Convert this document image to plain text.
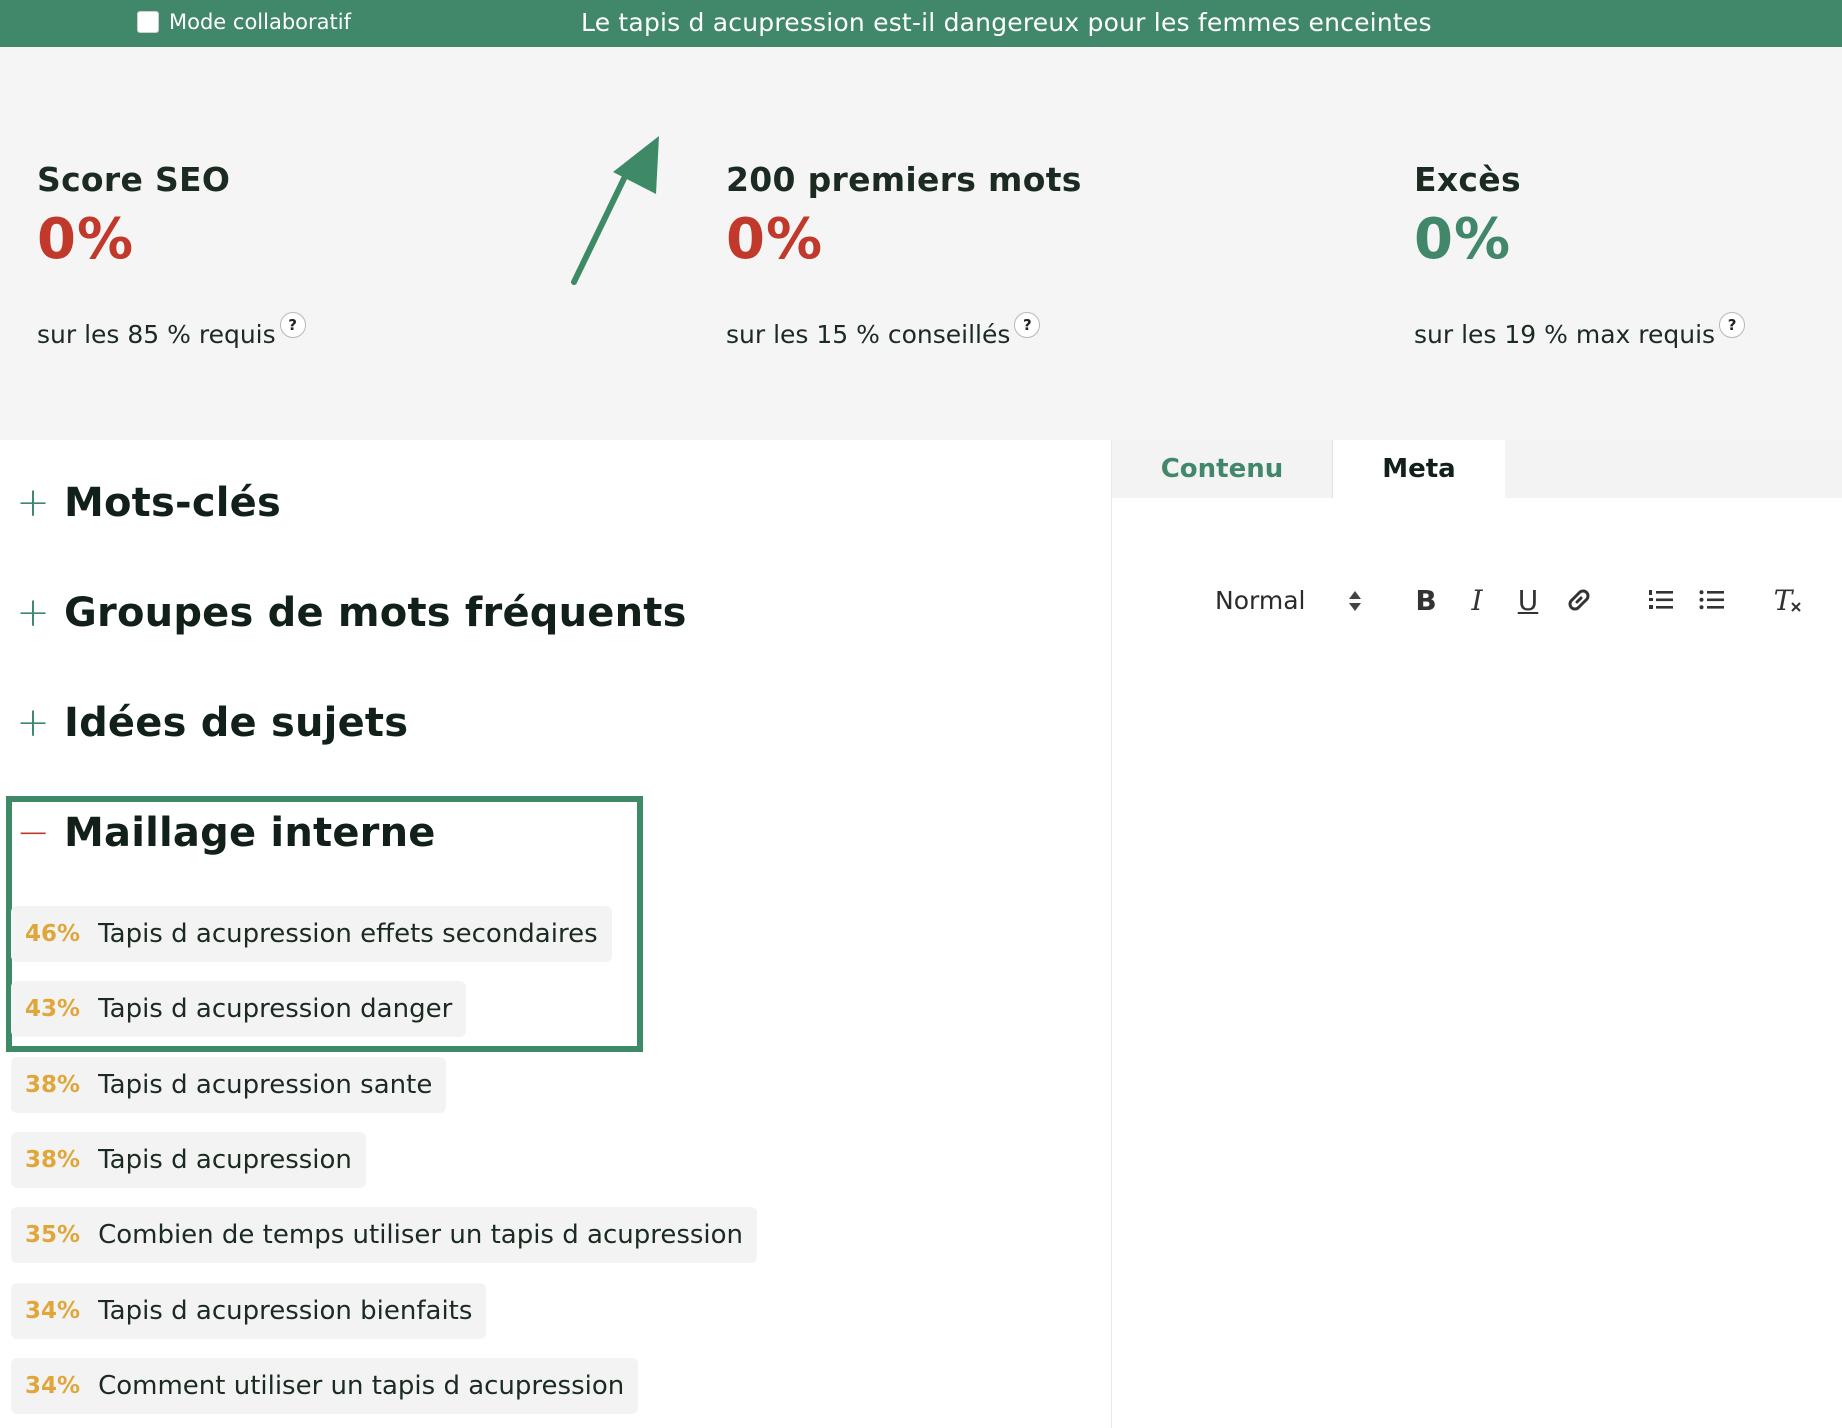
Mode collaboratif	Le tapis d acupression est-il dangereux pour les femmes enceintes
Score SEO
0%
sur les 85 % requis ?
200 premiers mots
0%
sur les 15 % conseillés ?
Excès
0%
sur les 19 % max requis ?
+ Mots-clés
+ Groupes de mots fréquents
+ Idées de sujets
− Maillage interne
46% Tapis d acupression effets secondaires
43% Tapis d acupression danger
38% Tapis d acupression sante
38% Tapis d acupression
35% Combien de temps utiliser un tapis d acupression
34% Tapis d acupression bienfaits
34% Comment utiliser un tapis d acupression
Contenu	Meta
Normal	B	I	U	T
